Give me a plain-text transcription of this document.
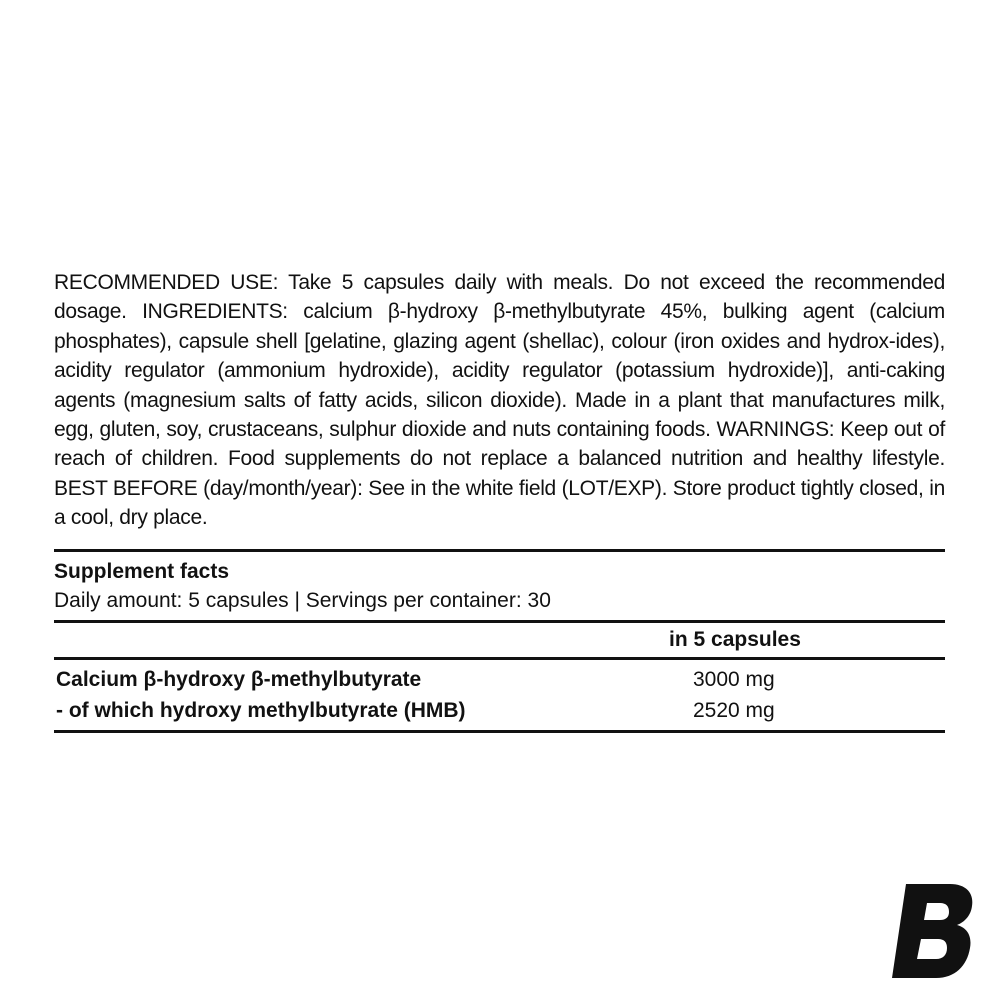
RECOMMENDED USE: Take 5 capsules daily with meals. Do not exceed the recommended dosage. INGREDIENTS: calcium β-hydroxy β-methylbutyrate 45%, bulking agent (calcium phosphates), capsule shell [gelatine, glazing agent (shellac), colour (iron oxides and hydrox-ides), acidity regulator (ammonium hydroxide), acidity regulator (potassium hydroxide)], anti-caking agents (magnesium salts of fatty acids, silicon dioxide). Made in a plant that manufactures milk, egg, gluten, soy, crustaceans, sulphur dioxide and nuts containing foods. WARNINGS: Keep out of reach of children. Food supplements do not replace a balanced nutrition and healthy lifestyle. BEST BEFORE (day/month/year): See in the white field (LOT/EXP). Store product tightly closed, in a cool, dry place.
Supplement facts
Daily amount: 5 capsules | Servings per container: 30
in 5 capsules
Calcium β-hydroxy β-methylbutyrate	3000 mg
- of which hydroxy methylbutyrate (HMB)	2520 mg
